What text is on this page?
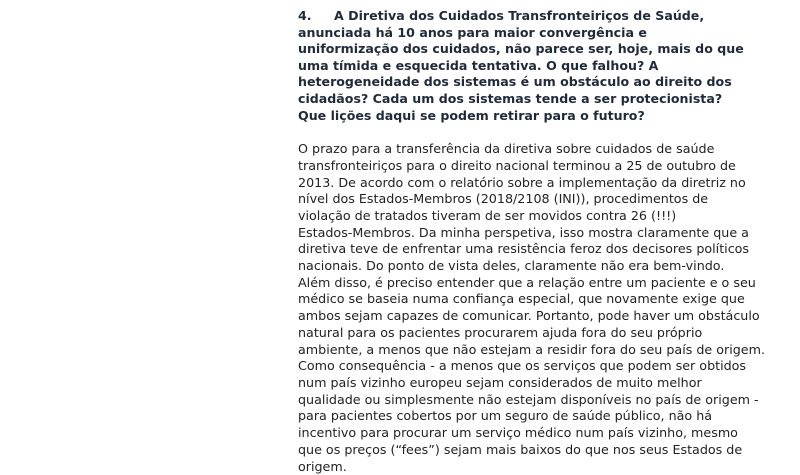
4. A Diretiva dos Cuidados Transfronteiriços de Saúde, anunciada há 10 anos para maior convergência e uniformização dos cuidados, não parece ser, hoje, mais do que uma tímida e esquecida tentativa. O que falhou? A heterogeneidade dos sistemas é um obstáculo ao direito dos cidadãos? Cada um dos sistemas tende a ser protecionista? Que lições daqui se podem retirar para o futuro?

O prazo para a transferência da diretiva sobre cuidados de saúde
transfronteiriços para o direito nacional terminou a 25 de outubro de
2013. De acordo com o relatório sobre a implementação da diretriz no
nível dos Estados-Membros (2018/2108 (INI)), procedimentos de
violação de tratados tiveram de ser movidos contra 26 (!!!)
Estados-Membros. Da minha perspetiva, isso mostra claramente que a
diretiva teve de enfrentar uma resistência feroz dos decisores políticos
nacionais. Do ponto de vista deles, claramente não era bem-vindo.
Além disso, é preciso entender que a relação entre um paciente e o seu
médico se baseia numa confiança especial, que novamente exige que
ambos sejam capazes de comunicar. Portanto, pode haver um obstáculo
natural para os pacientes procurarem ajuda fora do seu próprio
ambiente, a menos que não estejam a residir fora do seu país de origem.
Como consequência - a menos que os serviços que podem ser obtidos
num país vizinho europeu sejam considerados de muito melhor
qualidade ou simplesmente não estejam disponíveis no país de origem -
para pacientes cobertos por um seguro de saúde público, não há
incentivo para procurar um serviço médico num país vizinho, mesmo
que os preços (“fees”) sejam mais baixos do que nos seus Estados de
origem.
